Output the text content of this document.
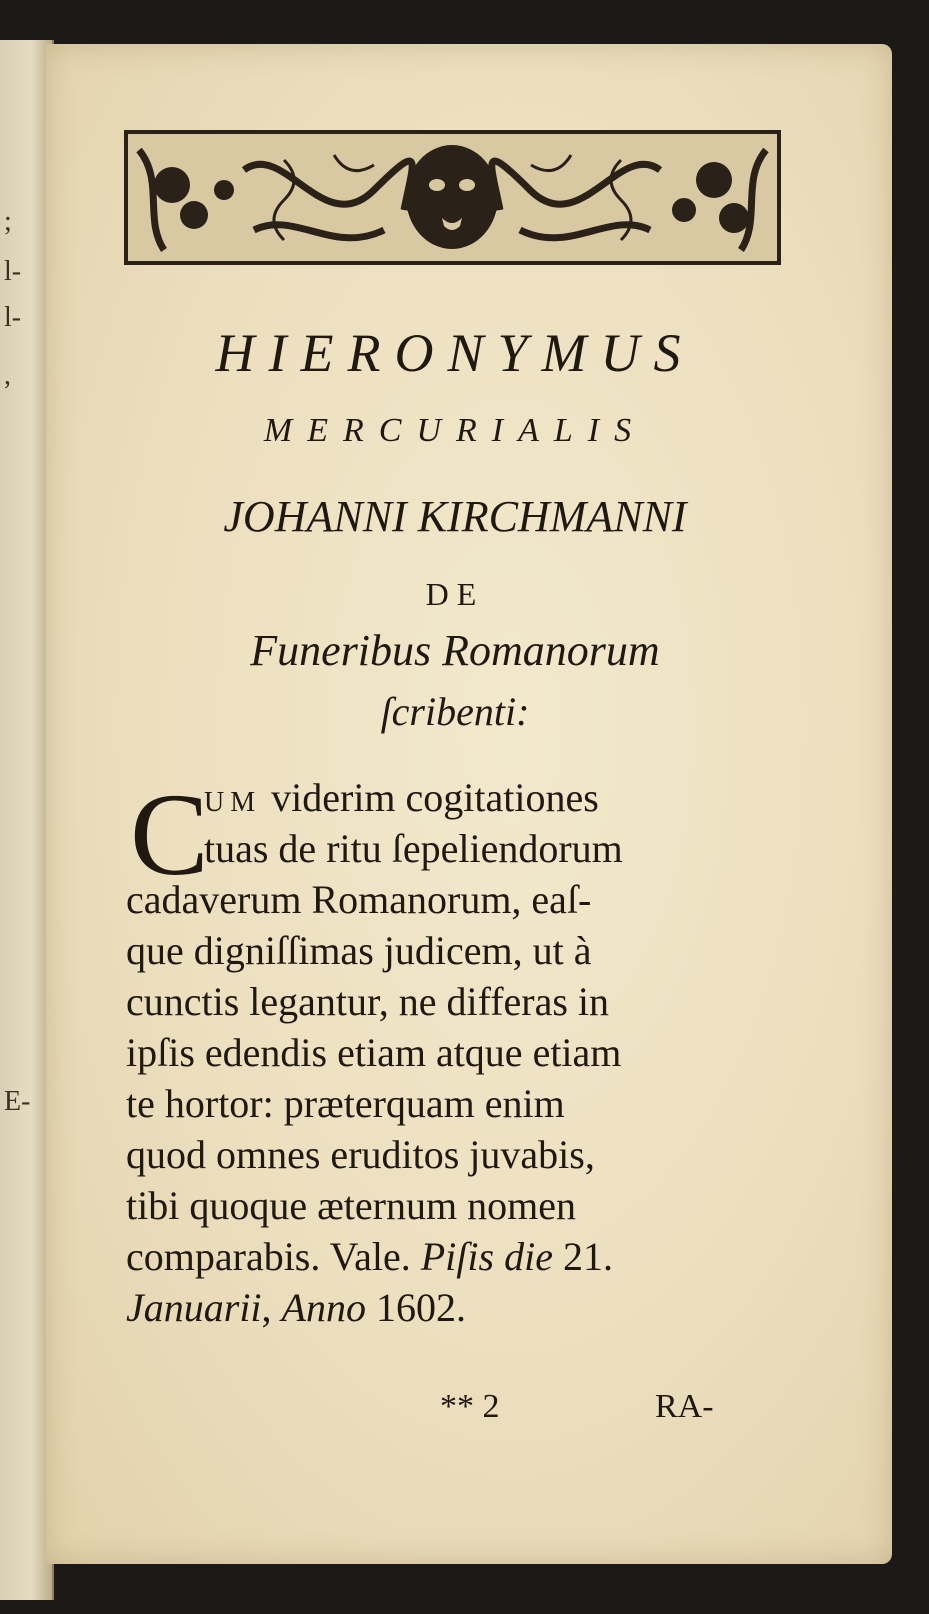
;
l-
l-
,
E-
HIERONYMUS
MERCURIALIS
JOHANNI KIRCHMANNI
DE
Funeribus Romanorum
ſcribenti:
C
UM viderim cogitationes
tuas de ritu ſepeliendorum
cadaverum Romanorum, eaſ-
que digniſſimas judicem, ut à
cunctis legantur, ne differas in
ipſis edendis etiam atque etiam
te hortor: præterquam enim
quod omnes eruditos juvabis,
tibi quoque æternum nomen
comparabis. Vale. Piſis die 21.
Januarii, Anno 1602.
** 2	RA-
